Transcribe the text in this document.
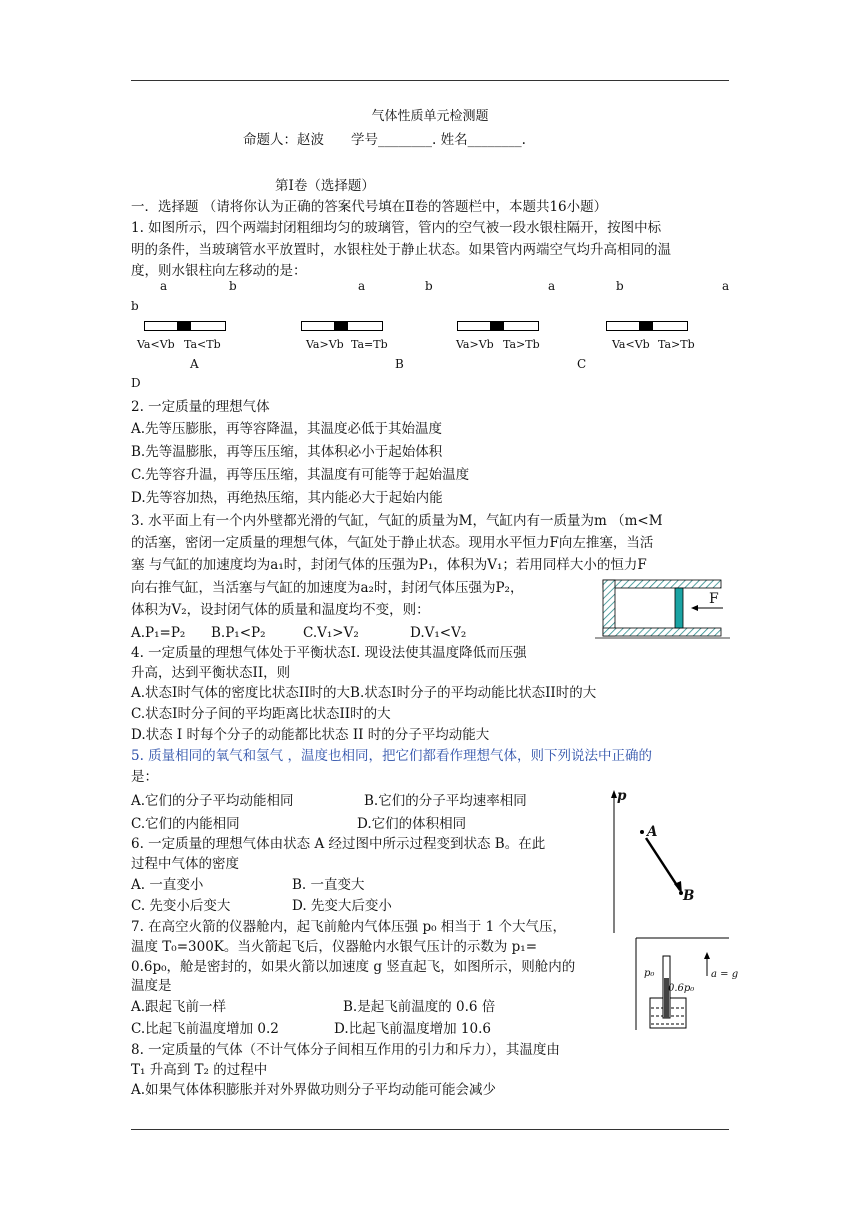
气体性质单元检测题
命题人：赵波　　学号________. 姓名________.
第Ⅰ卷（选择题）
一．选择题 （请将你认为正确的答案代号填在Ⅱ卷的答题栏中，本题共16小题）
1. 如图所示，四个两端封闭粗细均匀的玻璃管，管内的空气被一段水银柱隔开，按图中标
明的条件，当玻璃管水平放置时，水银柱处于静止状态。如果管内两端空气均升高相同的温
度，则水银柱向左移动的是：
a	b	a	b	a	b	a
b
Va<Vb Ta<Tb	Va>Vb Ta=Tb	Va>Vb Ta>Tb	Va<Vb Ta>Tb
A	B	C
D
2. 一定质量的理想气体
A.先等压膨胀，再等容降温，其温度必低于其始温度
B.先等温膨胀，再等压压缩，其体积必小于起始体积
C.先等容升温，再等压压缩，其温度有可能等于起始温度
D.先等容加热，再绝热压缩，其内能必大于起始内能
3. 水平面上有一个内外壁都光滑的气缸，气缸的质量为M，气缸内有一质量为m （m<M
的活塞，密闭一定质量的理想气体，气缸处于静止状态。现用水平恒力F向左推塞，当活
塞 与气缸的加速度均为a₁时，封闭气体的压强为P₁，体积为V₁；若用同样大小的恒力F
向右推气缸，当活塞与气缸的加速度为a₂时，封闭气体压强为P₂，
体积为V₂，设封闭气体的质量和温度均不变，则：
A.P₁=P₂ B.P₁<P₂	C.V₁>V₂	D.V₁<V₂
F
4. 一定质量的理想气体处于平衡状态I. 现设法使其温度降低而压强
升高，达到平衡状态II，则
A.状态I时气体的密度比状态II时的大B.状态I时分子的平均动能比状态II时的大
C.状态I时分子间的平均距离比状态II时的大
D.状态 I 时每个分子的动能都比状态 II 时的分子平均动能大
5. 质量相同的氧气和氢气 ，温度也相同，把它们都看作理想气体，则下列说法中正确的
是：
A.它们的分子平均动能相同	B.它们的分子平均速率相同
C.它们的内能相同	D.它们的体积相同
p
A
B
6. 一定质量的理想气体由状态 A 经过图中所示过程变到状态 B。在此
过程中气体的密度
A. 一直变小	B. 一直变大
C. 先变小后变大	D. 先变大后变小
7. 在高空火箭的仪器舱内，起飞前舱内气体压强 p₀ 相当于 1 个大气压，
温度 T₀=300K。当火箭起飞后，仪器舱内水银气压计的示数为 p₁=
0.6p₀，舱是密封的，如果火箭以加速度 g 竖直起飞，如图所示，则舱内的
温度是
A.跟起飞前一样	B.是起飞前温度的 0.6 倍
C.比起飞前温度增加 0.2	D.比起飞前温度增加 10.6
p₀
0.6p₀
a = g
8. 一定质量的气体（不计气体分子间相互作用的引力和斥力），其温度由
T₁ 升高到 T₂ 的过程中
A.如果气体体积膨胀并对外界做功则分子平均动能可能会减少
